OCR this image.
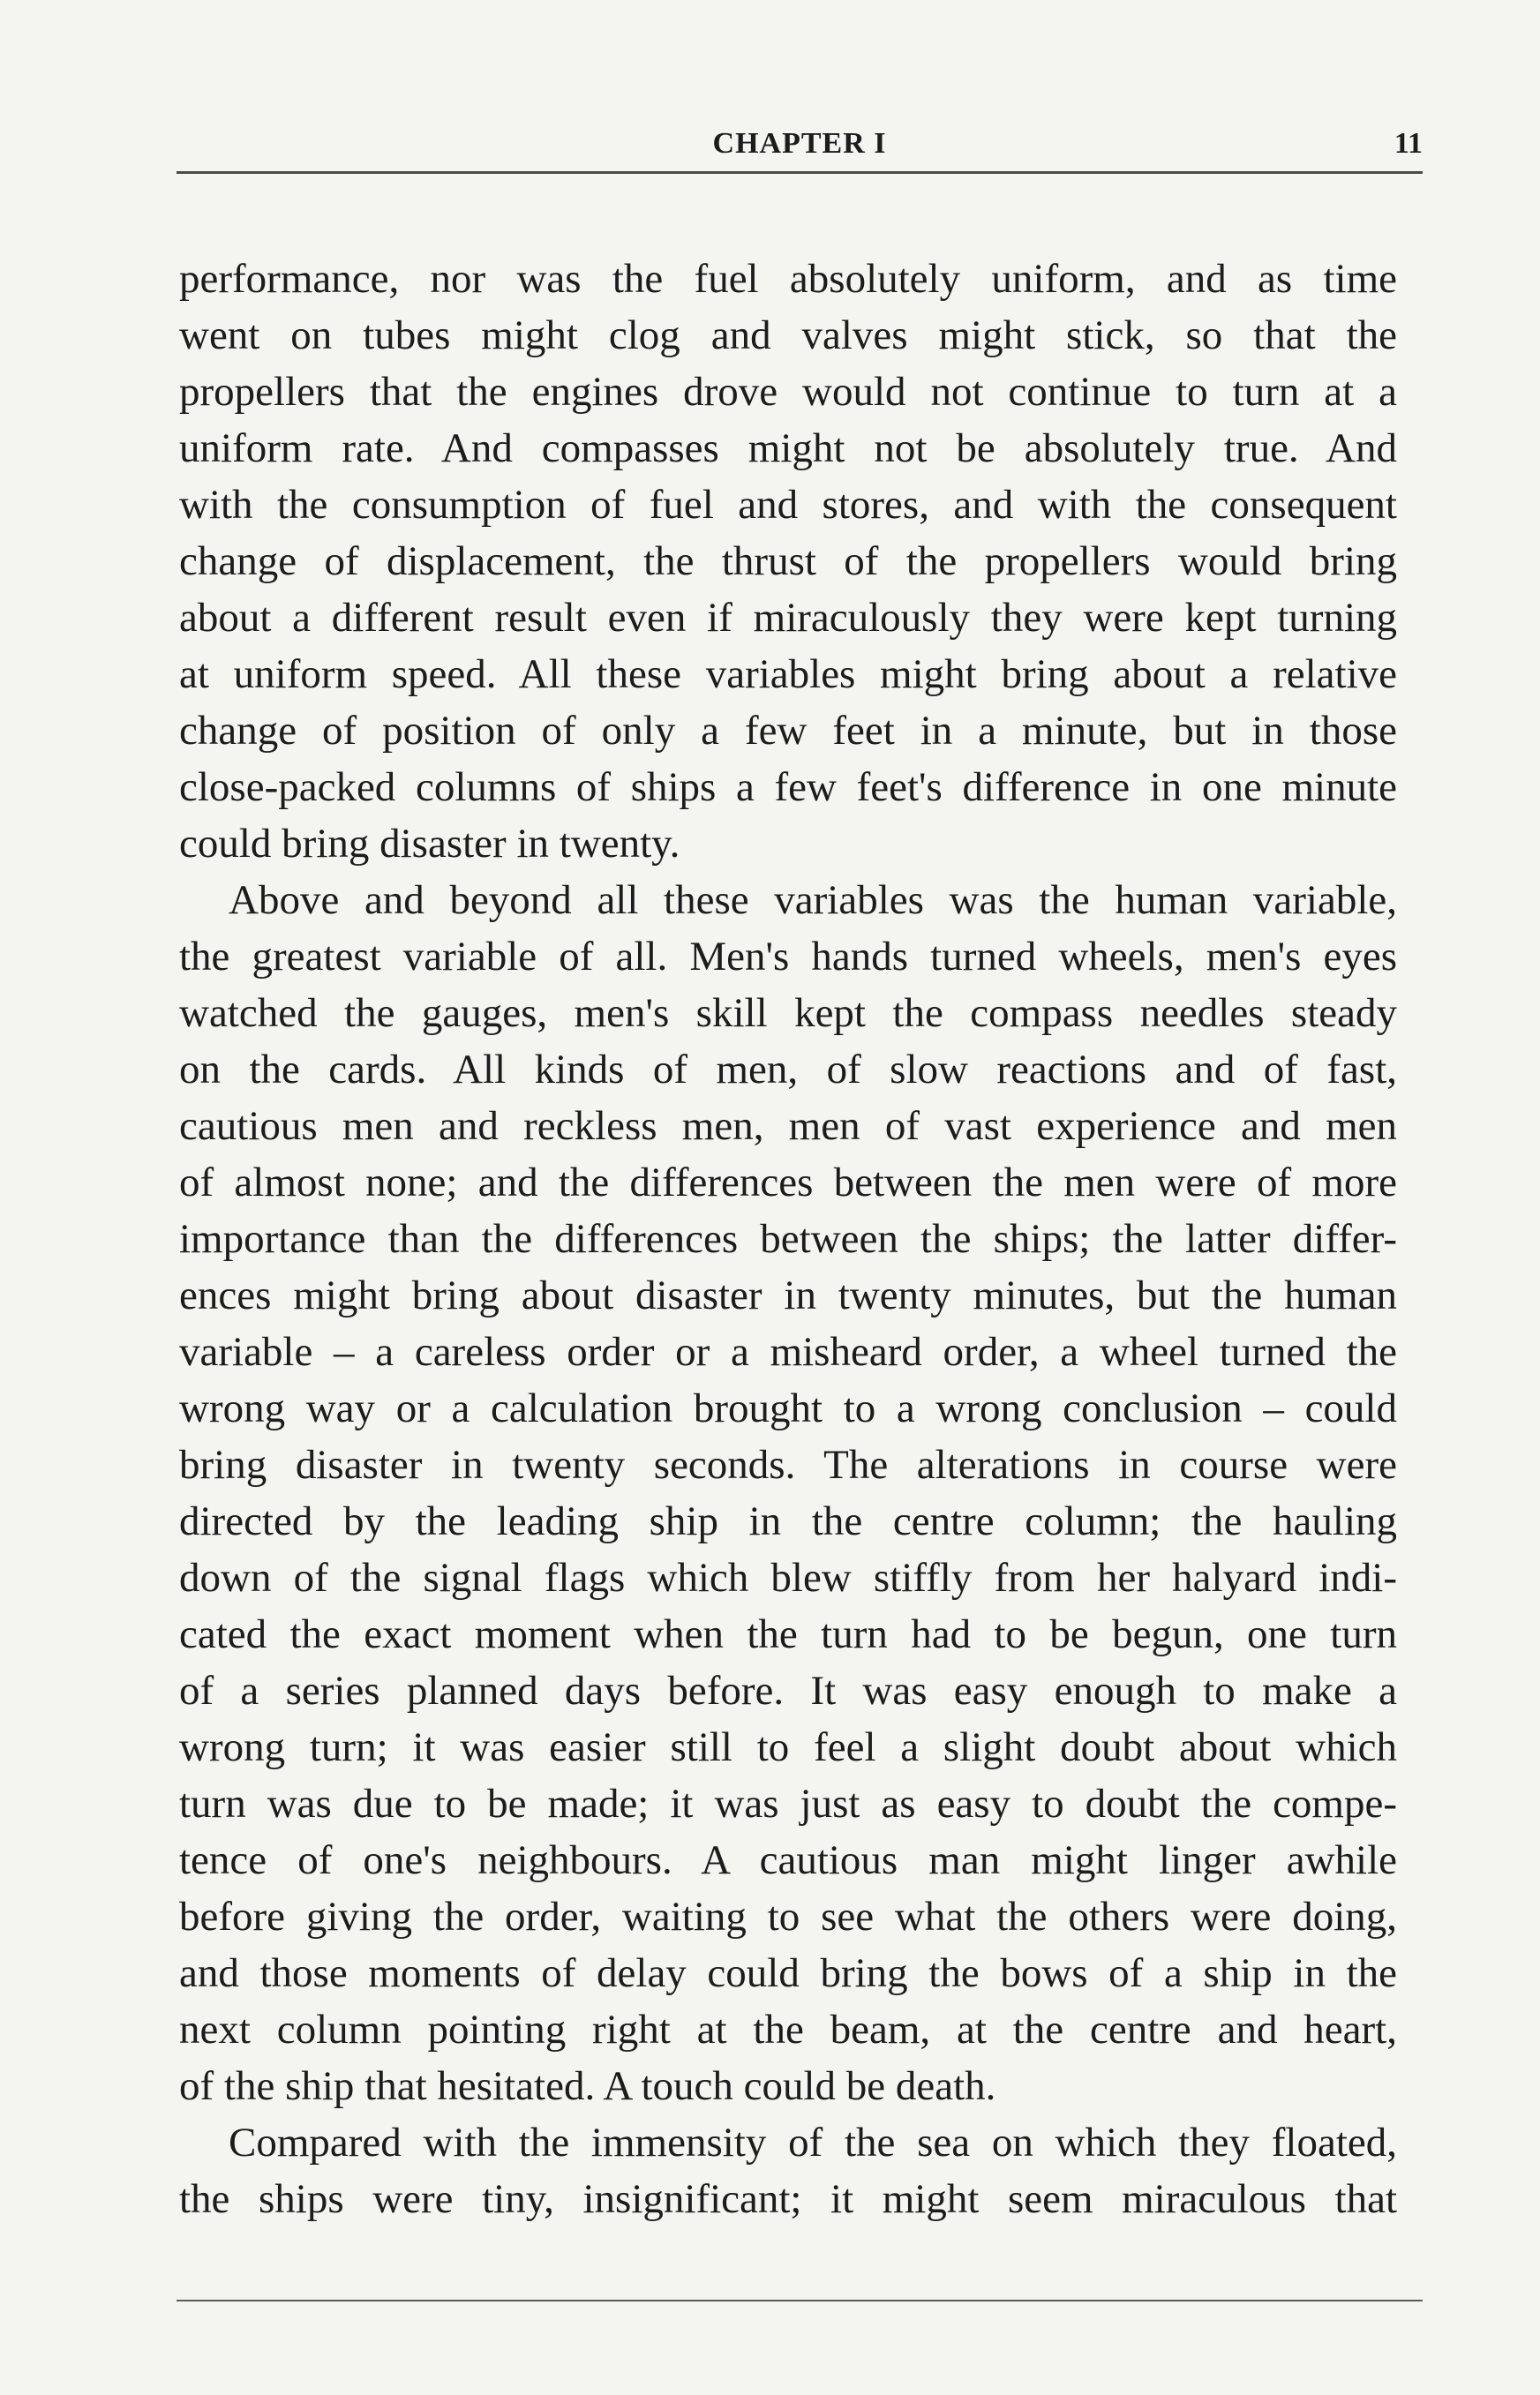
CHAPTER I	11
performance, nor was the fuel absolutely uniform, and as time
went on tubes might clog and valves might stick, so that the
propellers that the engines drove would not continue to turn at a
uniform rate. And compasses might not be absolutely true. And
with the consumption of fuel and stores, and with the consequent
change of displacement, the thrust of the propellers would bring
about a different result even if miraculously they were kept turning
at uniform speed. All these variables might bring about a relative
change of position of only a few feet in a minute, but in those
close-packed columns of ships a few feet's difference in one minute
could bring disaster in twenty.
Above and beyond all these variables was the human variable,
the greatest variable of all. Men's hands turned wheels, men's eyes
watched the gauges, men's skill kept the compass needles steady
on the cards. All kinds of men, of slow reactions and of fast,
cautious men and reckless men, men of vast experience and men
of almost none; and the differences between the men were of more
importance than the differences between the ships; the latter differ-
ences might bring about disaster in twenty minutes, but the human
variable – a careless order or a misheard order, a wheel turned the
wrong way or a calculation brought to a wrong conclusion – could
bring disaster in twenty seconds. The alterations in course were
directed by the leading ship in the centre column; the hauling
down of the signal flags which blew stiffly from her halyard indi-
cated the exact moment when the turn had to be begun, one turn
of a series planned days before. It was easy enough to make a
wrong turn; it was easier still to feel a slight doubt about which
turn was due to be made; it was just as easy to doubt the compe-
tence of one's neighbours. A cautious man might linger awhile
before giving the order, waiting to see what the others were doing,
and those moments of delay could bring the bows of a ship in the
next column pointing right at the beam, at the centre and heart,
of the ship that hesitated. A touch could be death.
Compared with the immensity of the sea on which they floated,
the ships were tiny, insignificant; it might seem miraculous that
